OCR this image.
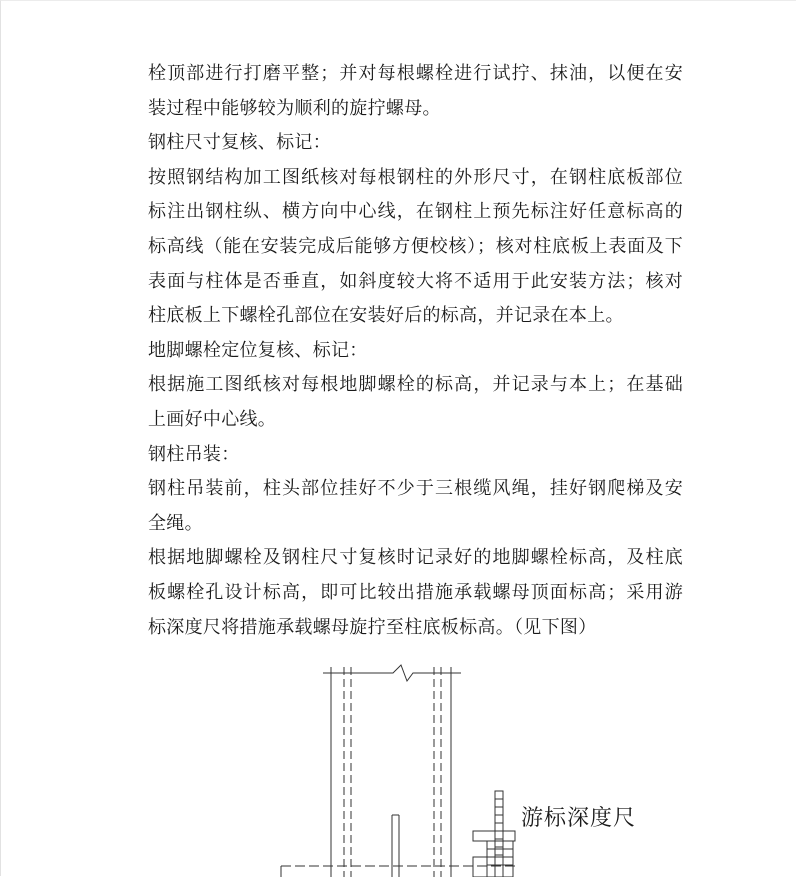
栓顶部进行打磨平整；并对每根螺栓进行试拧、抹油，以便在安
装过程中能够较为顺利的旋拧螺母。
钢柱尺寸复核、标记：
按照钢结构加工图纸核对每根钢柱的外形尺寸，在钢柱底板部位
标注出钢柱纵、横方向中心线，在钢柱上预先标注好任意标高的
标高线（能在安装完成后能够方便校核）；核对柱底板上表面及下
表面与柱体是否垂直，如斜度较大将不适用于此安装方法；核对
柱底板上下螺栓孔部位在安装好后的标高，并记录在本上。
地脚螺栓定位复核、标记：
根据施工图纸核对每根地脚螺栓的标高，并记录与本上；在基础
上画好中心线。
钢柱吊装：
钢柱吊装前，柱头部位挂好不少于三根缆风绳，挂好钢爬梯及安
全绳。
根据地脚螺栓及钢柱尺寸复核时记录好的地脚螺栓标高，及柱底
板螺栓孔设计标高，即可比较出措施承载螺母顶面标高；采用游
标深度尺将措施承载螺母旋拧至柱底板标高。（见下图）
游标深度尺
